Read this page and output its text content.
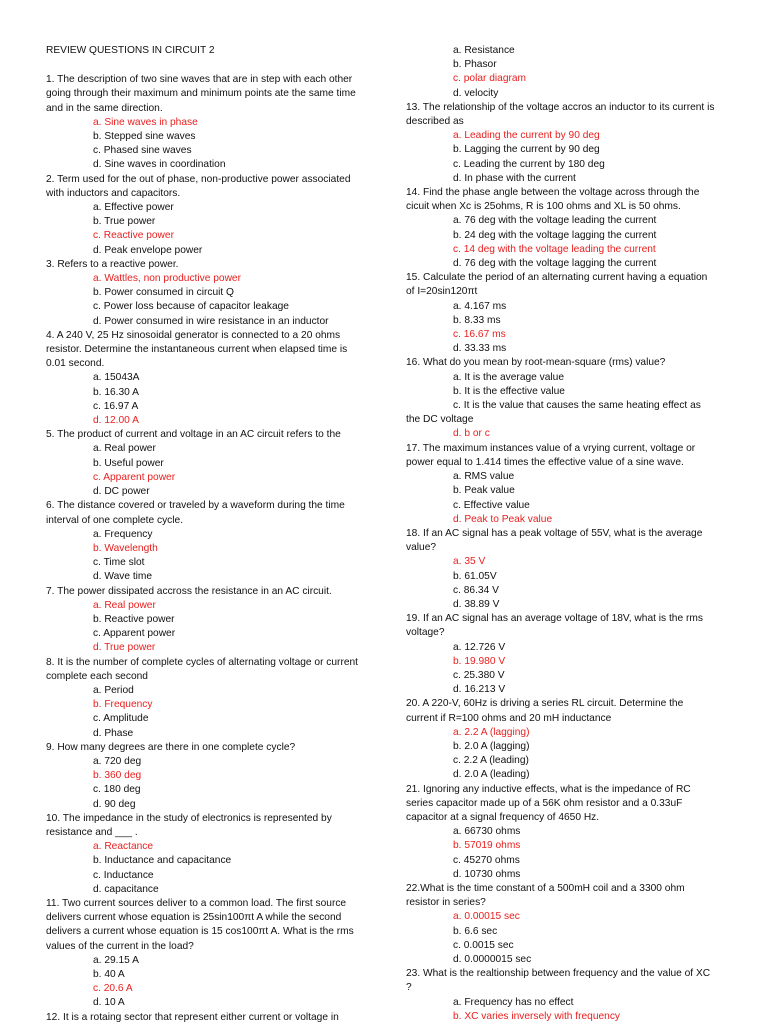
REVIEW QUESTIONS IN CIRCUIT 2

1. The description of two sine waves that are in step with each other going through their maximum and minimum points ate the same time and in the same direction.

a. Sine waves in phase
b. Stepped sine waves
c. Phased sine waves
d. Sine waves in coordination

2. Term used for the out of phase, non-productive power associated with inductors and capacitors.

a. Effective power
b. True power
c. Reactive power
d. Peak envelope power

3. Refers to a reactive power.

a. Wattles, non productive power
b. Power consumed in circuit Q
c. Power loss because of capacitor leakage
d. Power consumed in wire resistance in an inductor

4. A 240 V, 25 Hz sinosoidal generator is connected to a 20 ohms resistor. Determine the instantaneous current when elapsed time is 0.01 second.

a. 15043A
b. 16.30 A
c. 16.97 A
d. 12.00 A

5. The product of current and voltage in an AC circuit refers to the

a. Real power
b. Useful power
c. Apparent power
d. DC power

6. The distance covered or traveled by a waveform during the time interval of one complete cycle.

a. Frequency
b. Wavelength
c. Time slot
d. Wave time

7. The power dissipated accross the resistance in an AC circuit.

a. Real power
b. Reactive power
c. Apparent power
d. True power

8. It is the number of complete cycles of alternating voltage or current complete each second

a. Period
b. Frequency
c. Amplitude
d. Phase

9. How many degrees are there in one complete cycle?

a. 720 deg
b. 360 deg
c. 180 deg
d. 90 deg

10. The impedance in the study of electronics is represented by resistance and ___ .

a. Reactance
b. Inductance and capacitance
c. Inductance
d. capacitance

11. Two current sources deliver to a common load. The first source delivers current whose equation is 25sin100πt A while the second delivers a current whose equation is 15 cos100πt A. What is the rms values of the current in the load?

a. 29.15 A
b. 40 A
c. 20.6 A
d. 10 A

12. It is a rotaing sector that represent either current or voltage in

a. Resistance
b. Phasor
c. polar diagram
d. velocity

13. The relationship of the voltage accros an inductor to its current is described as

a. Leading the current by 90 deg
b. Lagging the current by 90 deg
c. Leading the current by 180 deg
d. In phase with the current

14. Find the phase angle between the voltage across through the cicuit when Xc is 25ohms, R is 100 ohms and XL is 50 ohms.

a. 76 deg with the voltage leading the current
b. 24 deg with the voltage lagging the current
c. 14 deg with the voltage leading the current
d. 76 deg with the voltage lagging the current

15. Calculate the period of an alternating current having a equation of I=20sin120πt

a. 4.167 ms
b. 8.33 ms
c. 16.67 ms
d. 33.33 ms

16. What do you mean by root-mean-square (rms) value?

a. It is the average value
b. It is the effective value
c. It is the value that causes the same heating effect as

the DC voltage

d. b or c

17. The maximum instances value of a vrying current, voltage or power equal to 1.414 times the effective value of a sine wave.

a. RMS value
b. Peak value
c. Effective value
d. Peak to Peak value

18. If an AC signal has a peak voltage of 55V, what is the average value?

a. 35 V
b. 61.05V
c. 86.34 V
d. 38.89 V

19. If an AC signal has an average voltage of 18V, what is the rms voltage?

a. 12.726 V
b. 19.980 V
c. 25.380 V
d. 16.213 V

20. A 220-V, 60Hz is driving a series RL circuit. Determine the current if R=100 ohms and 20 mH inductance

a. 2.2 A (lagging)
b. 2.0 A (lagging)
c. 2.2 A (leading)
d. 2.0 A (leading)

21. Ignoring any inductive effects, what is the impedance of RC series capacitor made up of a 56K ohm resistor and a 0.33uF capacitor at a signal frequency of 4650 Hz.

a. 66730 ohms
b. 57019 ohms
c. 45270 ohms
d. 10730 ohms

22.What is the time constant of a 500mH coil and a 3300 ohm resistor in series?

a. 0.00015 sec
b. 6.6 sec
c. 0.0015 sec
d. 0.0000015 sec

23. What is the realtionship between frequency and the value of XC ?

a. Frequency has no effect
b. XC varies inversely with frequency
